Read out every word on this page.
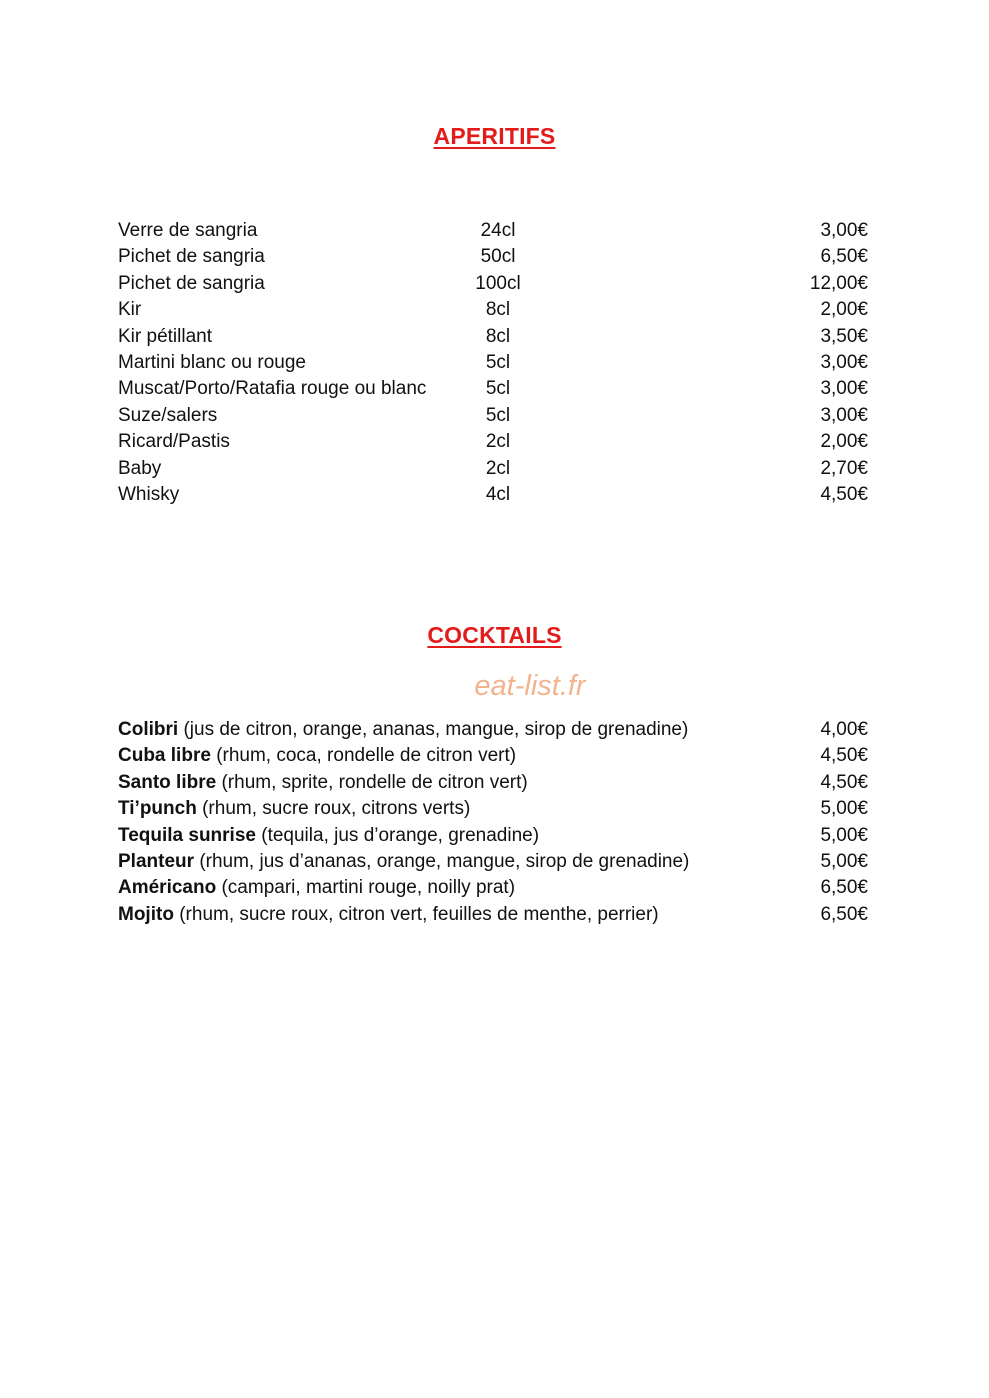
APERITIFS
Verre de sangria	24cl	3,00€
Pichet de sangria	50cl	6,50€
Pichet de sangria	100cl	12,00€
Kir	8cl	2,00€
Kir pétillant	8cl	3,50€
Martini blanc ou rouge	5cl	3,00€
Muscat/Porto/Ratafia rouge ou blanc	5cl	3,00€
Suze/salers	5cl	3,00€
Ricard/Pastis	2cl	2,00€
Baby	2cl	2,70€
Whisky	4cl	4,50€
COCKTAILS
eat-list.fr
Colibri (jus de citron, orange, ananas, mangue, sirop de grenadine)	4,00€
Cuba libre (rhum, coca, rondelle de citron vert)	4,50€
Santo libre (rhum, sprite, rondelle de citron vert)	4,50€
Ti’punch (rhum, sucre roux, citrons verts)	5,00€
Tequila sunrise (tequila, jus d’orange, grenadine)	5,00€
Planteur (rhum, jus d’ananas, orange, mangue, sirop de grenadine)	5,00€
Américano (campari, martini rouge, noilly prat)	6,50€
Mojito (rhum, sucre roux, citron vert, feuilles de menthe, perrier)	6,50€
